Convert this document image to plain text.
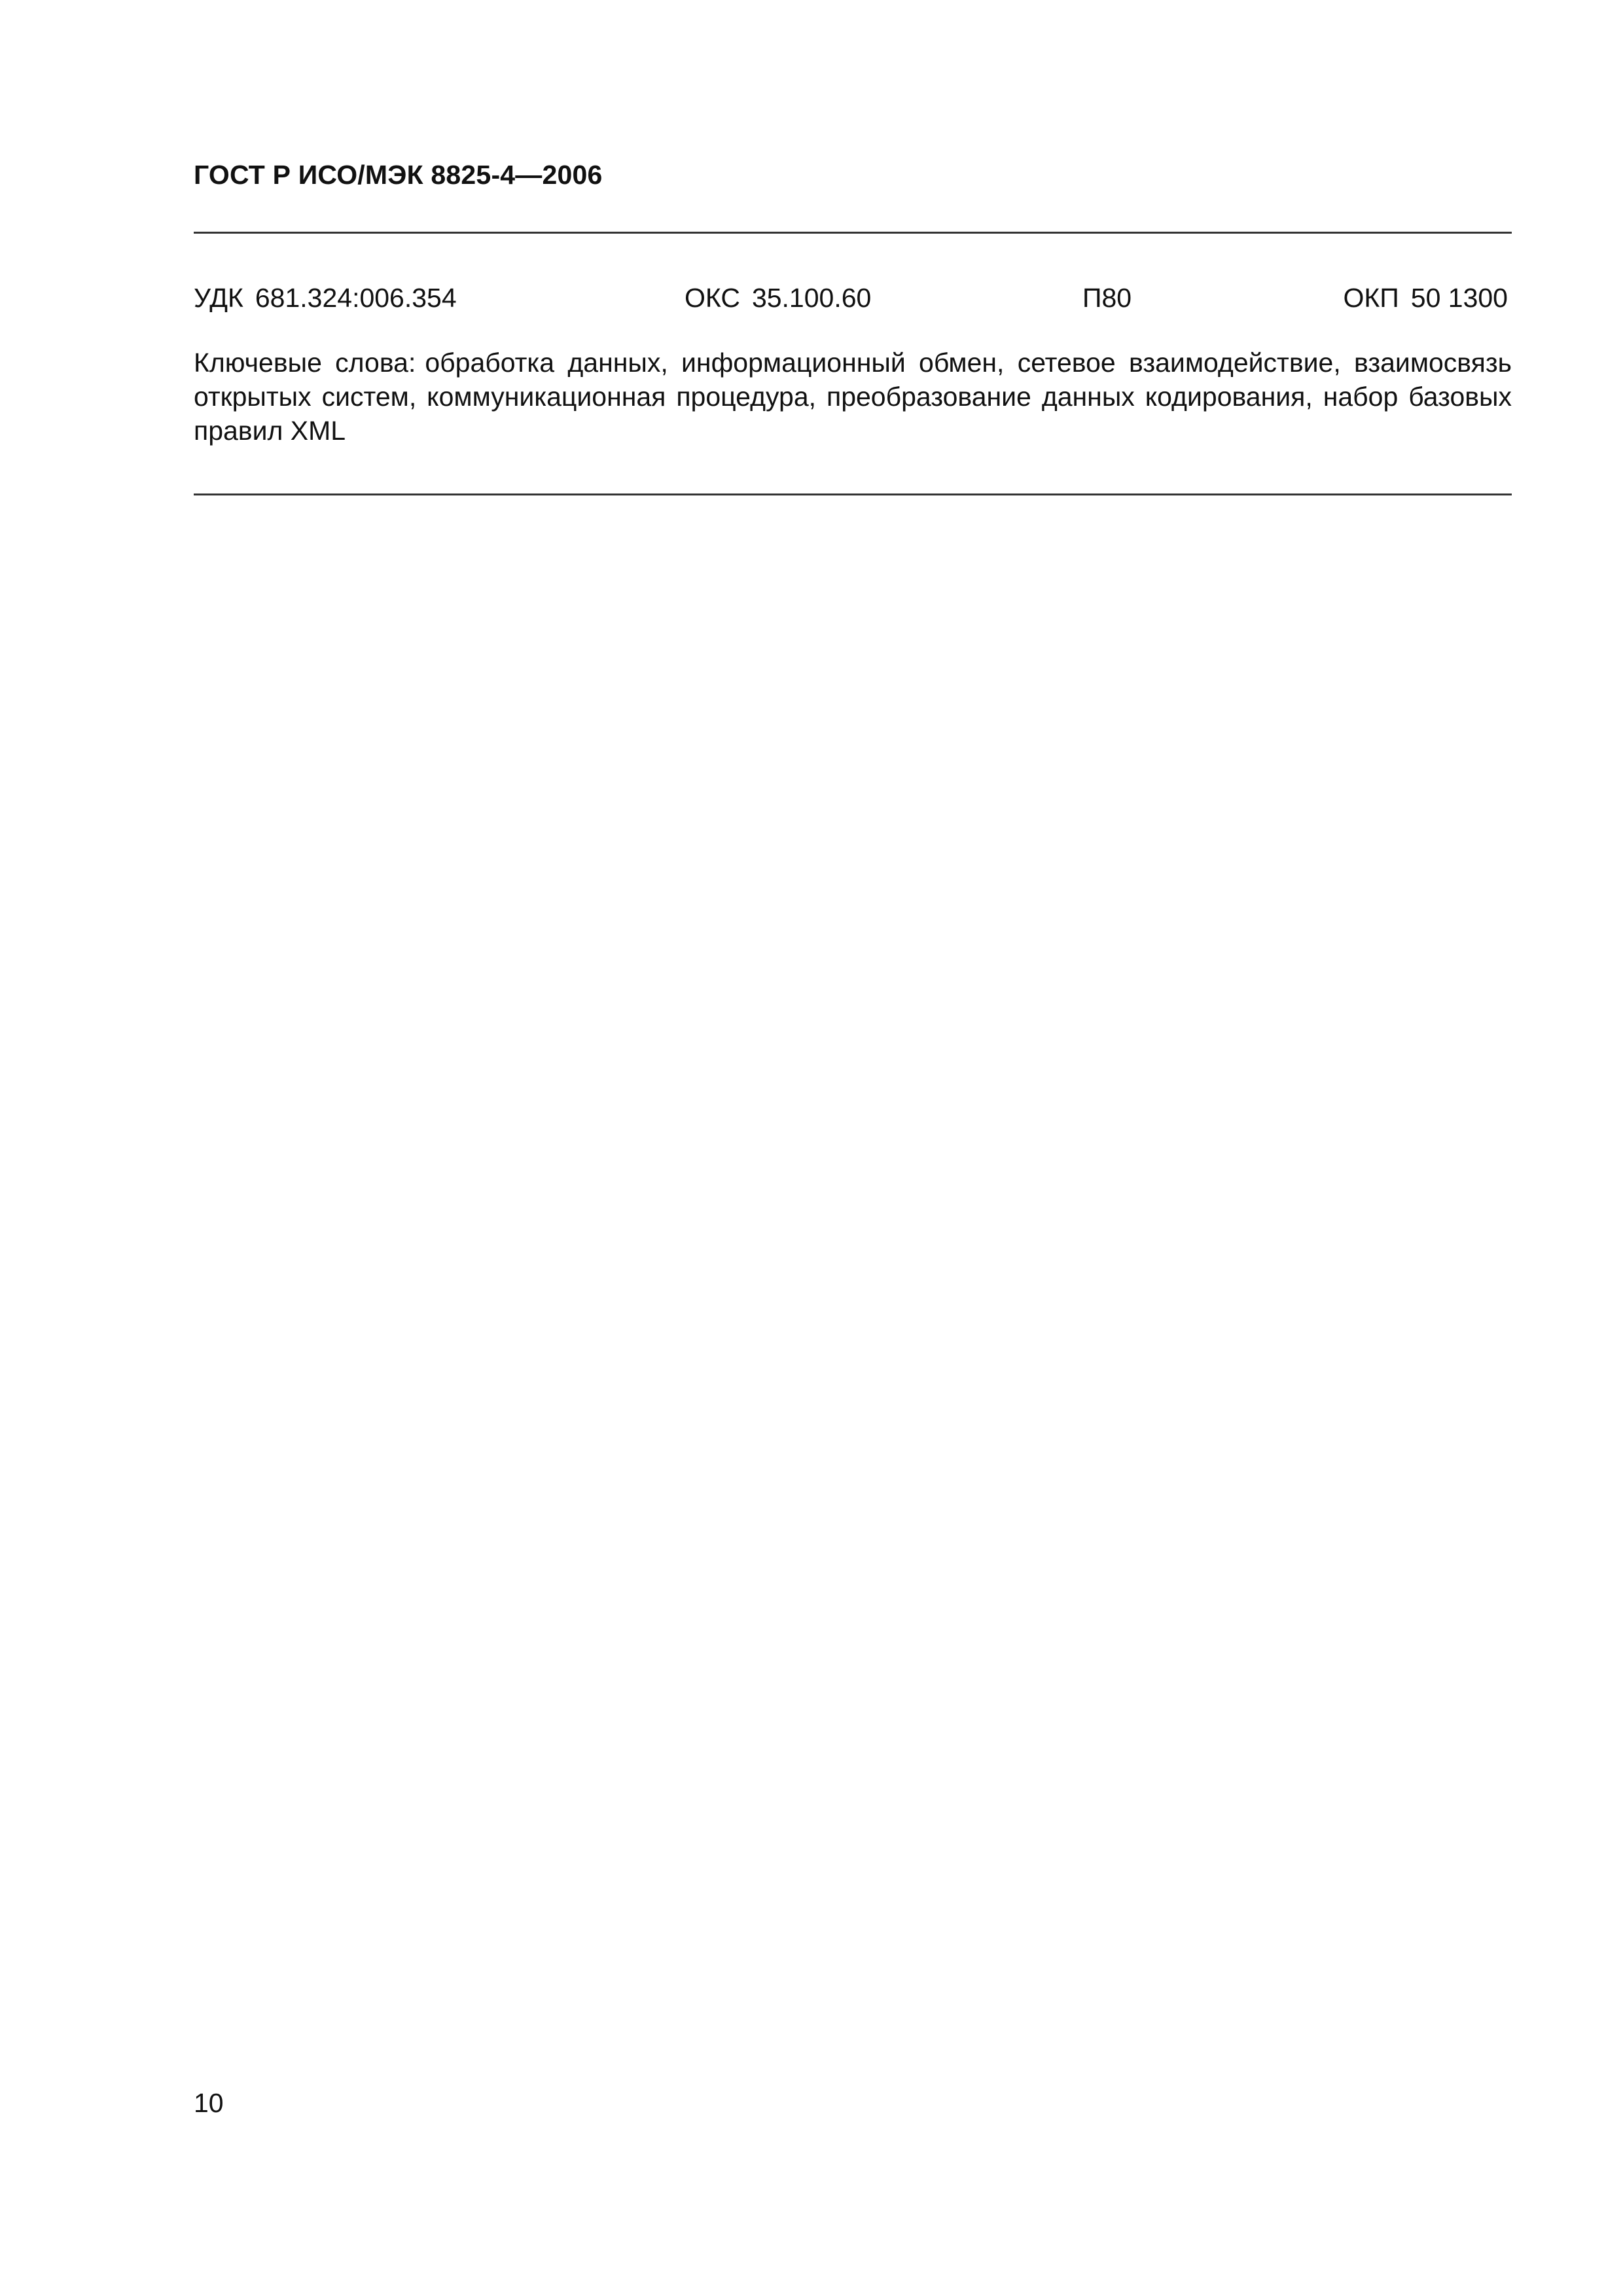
ГОСТ Р ИСО/МЭК 8825-4—2006
УДК 681.324:006.354	ОКС 35.100.60	П80	ОКП 50 1300
Ключевые слова: обработка данных, информационный обмен, сетевое взаимодействие, взаимосвязь открытых систем, коммуникационная процедура, преобразование данных кодирования, набор базовых правил XML
10
